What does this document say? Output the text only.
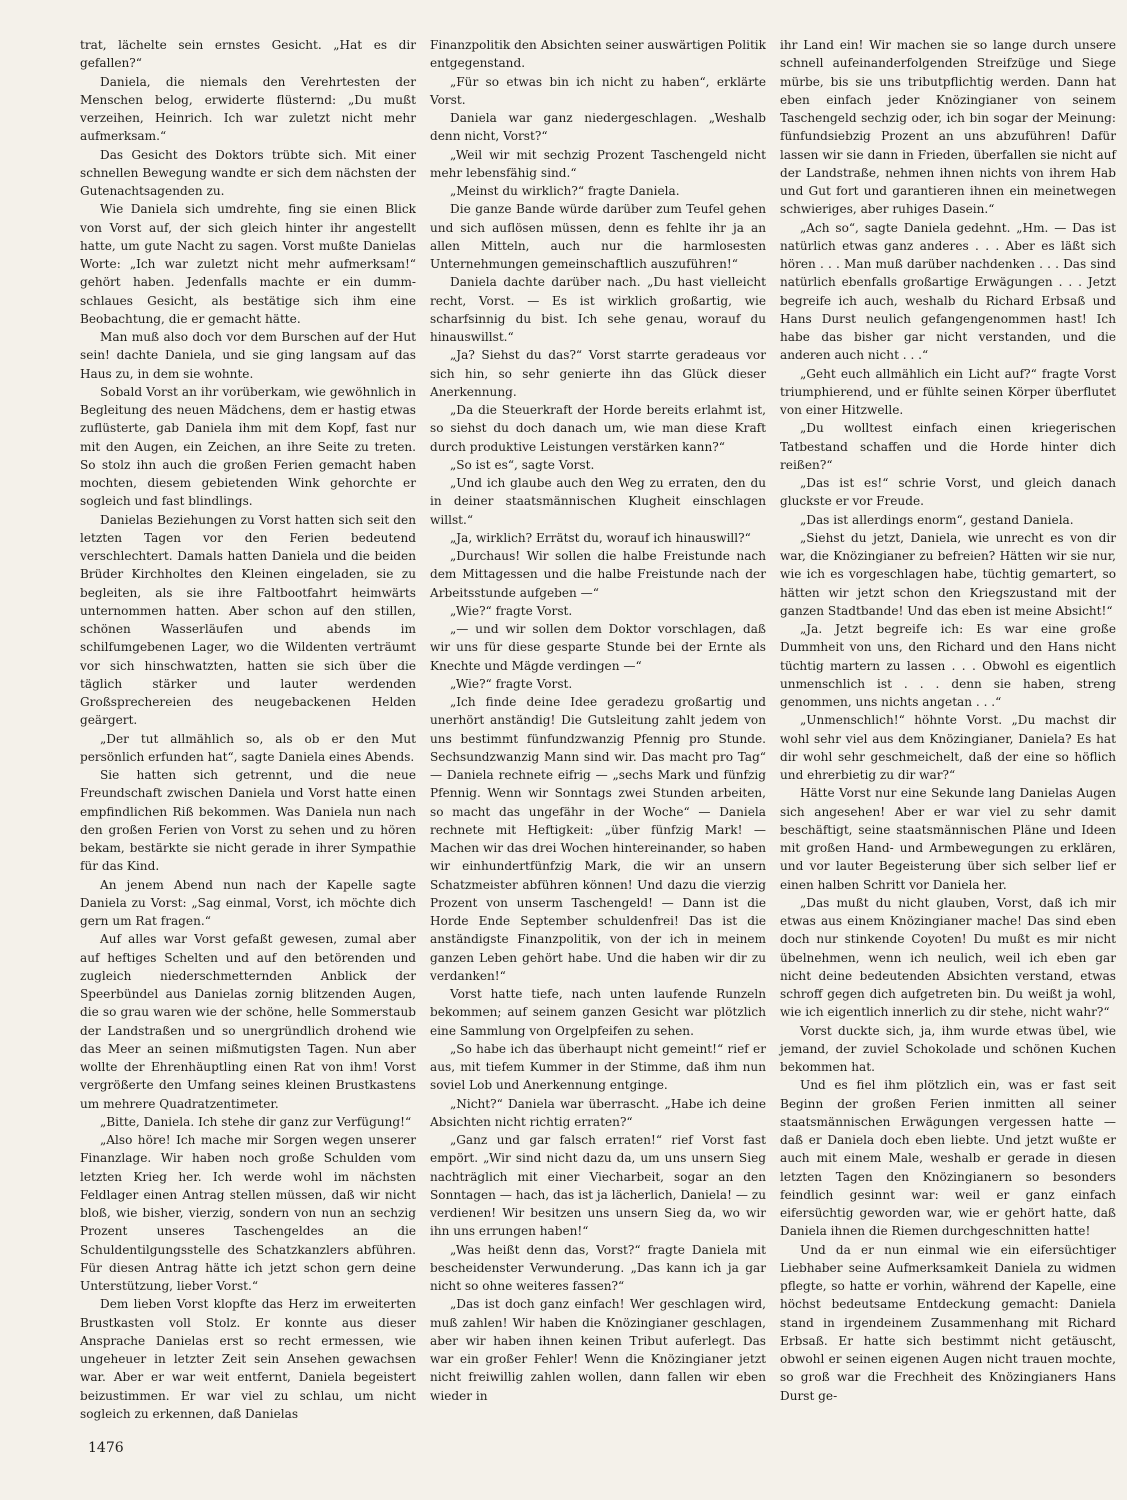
trat, lächelte sein ernstes Gesicht. „Hat es dir gefallen?“

Daniela, die niemals den Verehrtesten der Menschen belog, erwiderte flüsternd: „Du mußt verzeihen, Heinrich. Ich war zuletzt nicht mehr aufmerksam.“

Das Gesicht des Doktors trübte sich. Mit einer schnellen Bewegung wandte er sich dem nächsten der Gutenachtsagenden zu.

Wie Daniela sich umdrehte, fing sie einen Blick von Vorst auf, der sich gleich hinter ihr angestellt hatte, um gute Nacht zu sagen. Vorst mußte Danielas Worte: „Ich war zuletzt nicht mehr aufmerksam!“ gehört haben. Jedenfalls machte er ein dumm-schlaues Gesicht, als bestätige sich ihm eine Beobachtung, die er gemacht hätte.

Man muß also doch vor dem Burschen auf der Hut sein! dachte Daniela, und sie ging langsam auf das Haus zu, in dem sie wohnte.

Sobald Vorst an ihr vorüberkam, wie gewöhnlich in Begleitung des neuen Mädchens, dem er hastig etwas zuflüsterte, gab Daniela ihm mit dem Kopf, fast nur mit den Augen, ein Zeichen, an ihre Seite zu treten. So stolz ihn auch die großen Ferien gemacht haben mochten, diesem gebietenden Wink gehorchte er sogleich und fast blindlings.

Danielas Beziehungen zu Vorst hatten sich seit den letzten Tagen vor den Ferien bedeutend verschlechtert. Damals hatten Daniela und die beiden Brüder Kirchholtes den Kleinen eingeladen, sie zu begleiten, als sie ihre Faltbootfahrt heimwärts unternommen hatten. Aber schon auf den stillen, schönen Wasserläufen und abends im schilfumgebenen Lager, wo die Wildenten verträumt vor sich hinschwatzten, hatten sie sich über die täglich stärker und lauter werdenden Großsprechereien des neugebackenen Helden geärgert.

„Der tut allmählich so, als ob er den Mut persönlich erfunden hat“, sagte Daniela eines Abends.

Sie hatten sich getrennt, und die neue Freundschaft zwischen Daniela und Vorst hatte einen empfindlichen Riß bekommen. Was Daniela nun nach den großen Ferien von Vorst zu sehen und zu hören bekam, bestärkte sie nicht gerade in ihrer Sympathie für das Kind.

An jenem Abend nun nach der Kapelle sagte Daniela zu Vorst: „Sag einmal, Vorst, ich möchte dich gern um Rat fragen.“

Auf alles war Vorst gefaßt gewesen, zumal aber auf heftiges Schelten und auf den betörenden und zugleich niederschmetternden Anblick der Speerbündel aus Danielas zornig blitzenden Augen, die so grau waren wie der schöne, helle Sommerstaub der Landstraßen und so unergründlich drohend wie das Meer an seinen mißmutigsten Tagen. Nun aber wollte der Ehrenhäuptling einen Rat von ihm! Vorst vergrößerte den Umfang seines kleinen Brustkastens um mehrere Quadratzentimeter.

„Bitte, Daniela. Ich stehe dir ganz zur Verfügung!“

„Also höre! Ich mache mir Sorgen wegen unserer Finanzlage. Wir haben noch große Schulden vom letzten Krieg her. Ich werde wohl im nächsten Feldlager einen Antrag stellen müssen, daß wir nicht bloß, wie bisher, vierzig, sondern von nun an sechzig Prozent unseres Taschengeldes an die Schuldentilgungsstelle des Schatzkanzlers abführen. Für diesen Antrag hätte ich jetzt schon gern deine Unterstützung, lieber Vorst.“

Dem lieben Vorst klopfte das Herz im erweiterten Brustkasten voll Stolz. Er konnte aus dieser Ansprache Danielas erst so recht ermessen, wie ungeheuer in letzter Zeit sein Ansehen gewachsen war. Aber er war weit entfernt, Daniela begeistert beizustimmen. Er war viel zu schlau, um nicht sogleich zu erkennen, daß Danielas

Finanzpolitik den Absichten seiner auswärtigen Politik entgegenstand.

„Für so etwas bin ich nicht zu haben“, erklärte Vorst.

Daniela war ganz niedergeschlagen. „Weshalb denn nicht, Vorst?“

„Weil wir mit sechzig Prozent Taschengeld nicht mehr lebensfähig sind.“

„Meinst du wirklich?“ fragte Daniela.

Die ganze Bande würde darüber zum Teufel gehen und sich auflösen müssen, denn es fehlte ihr ja an allen Mitteln, auch nur die harmlosesten Unternehmungen gemeinschaftlich auszuführen!“

Daniela dachte darüber nach. „Du hast vielleicht recht, Vorst. — Es ist wirklich großartig, wie scharfsinnig du bist. Ich sehe genau, worauf du hinauswillst.“

„Ja? Siehst du das?“ Vorst starrte geradeaus vor sich hin, so sehr genierte ihn das Glück dieser Anerkennung.

„Da die Steuerkraft der Horde bereits erlahmt ist, so siehst du doch danach um, wie man diese Kraft durch produktive Leistungen verstärken kann?“

„So ist es“, sagte Vorst.

„Und ich glaube auch den Weg zu erraten, den du in deiner staatsmännischen Klugheit einschlagen willst.“

„Ja, wirklich? Errätst du, worauf ich hinauswill?“

„Durchaus! Wir sollen die halbe Freistunde nach dem Mittagessen und die halbe Freistunde nach der Arbeitsstunde aufgeben —“

„Wie?“ fragte Vorst.

„— und wir sollen dem Doktor vorschlagen, daß wir uns für diese gesparte Stunde bei der Ernte als Knechte und Mägde verdingen —“

„Wie?“ fragte Vorst.

„Ich finde deine Idee geradezu großartig und unerhört anständig! Die Gutsleitung zahlt jedem von uns bestimmt fünfundzwanzig Pfennig pro Stunde. Sechsundzwanzig Mann sind wir. Das macht pro Tag“ — Daniela rechnete eifrig — „sechs Mark und fünfzig Pfennig. Wenn wir Sonntags zwei Stunden arbeiten, so macht das ungefähr in der Woche“ — Daniela rechnete mit Heftigkeit: „über fünfzig Mark! — Machen wir das drei Wochen hintereinander, so haben wir einhundertfünfzig Mark, die wir an unsern Schatzmeister abführen können! Und dazu die vierzig Prozent von unserm Taschengeld! — Dann ist die Horde Ende September schuldenfrei! Das ist die anständigste Finanzpolitik, von der ich in meinem ganzen Leben gehört habe. Und die haben wir dir zu verdanken!“

Vorst hatte tiefe, nach unten laufende Runzeln bekommen; auf seinem ganzen Gesicht war plötzlich eine Sammlung von Orgelpfeifen zu sehen.

„So habe ich das überhaupt nicht gemeint!“ rief er aus, mit tiefem Kummer in der Stimme, daß ihm nun soviel Lob und Anerkennung entginge.

„Nicht?“ Daniela war überrascht. „Habe ich deine Absichten nicht richtig erraten?“

„Ganz und gar falsch erraten!“ rief Vorst fast empört. „Wir sind nicht dazu da, um uns unsern Sieg nachträglich mit einer Viecharbeit, sogar an den Sonntagen — hach, das ist ja lächerlich, Daniela! — zu verdienen! Wir besitzen uns unsern Sieg da, wo wir ihn uns errungen haben!“

„Was heißt denn das, Vorst?“ fragte Daniela mit bescheidenster Verwunderung. „Das kann ich ja gar nicht so ohne weiteres fassen?“

„Das ist doch ganz einfach! Wer geschlagen wird, muß zahlen! Wir haben die Knözingianer geschlagen, aber wir haben ihnen keinen Tribut auferlegt. Das war ein großer Fehler! Wenn die Knözingianer jetzt nicht freiwillig zahlen wollen, dann fallen wir eben wieder in

ihr Land ein! Wir machen sie so lange durch unsere schnell aufeinanderfolgenden Streifzüge und Siege mürbe, bis sie uns tributpflichtig werden. Dann hat eben einfach jeder Knözingianer von seinem Taschengeld sechzig oder, ich bin sogar der Meinung: fünfundsiebzig Prozent an uns abzuführen! Dafür lassen wir sie dann in Frieden, überfallen sie nicht auf der Landstraße, nehmen ihnen nichts von ihrem Hab und Gut fort und garantieren ihnen ein meinetwegen schwieriges, aber ruhiges Dasein.“

„Ach so“, sagte Daniela gedehnt. „Hm. — Das ist natürlich etwas ganz anderes . . . Aber es läßt sich hören . . . Man muß darüber nachdenken . . . Das sind natürlich ebenfalls großartige Erwägungen . . . Jetzt begreife ich auch, weshalb du Richard Erbsaß und Hans Durst neulich gefangengenommen hast! Ich habe das bisher gar nicht verstanden, und die anderen auch nicht . . .“

„Geht euch allmählich ein Licht auf?“ fragte Vorst triumphierend, und er fühlte seinen Körper überflutet von einer Hitzwelle.

„Du wolltest einfach einen kriegerischen Tatbestand schaffen und die Horde hinter dich reißen?“

„Das ist es!“ schrie Vorst, und gleich danach gluckste er vor Freude.

„Das ist allerdings enorm“, gestand Daniela.

„Siehst du jetzt, Daniela, wie unrecht es von dir war, die Knözingianer zu befreien? Hätten wir sie nur, wie ich es vorgeschlagen habe, tüchtig gemartert, so hätten wir jetzt schon den Kriegszustand mit der ganzen Stadtbande! Und das eben ist meine Absicht!“

„Ja. Jetzt begreife ich: Es war eine große Dummheit von uns, den Richard und den Hans nicht tüchtig martern zu lassen . . . Obwohl es eigentlich unmenschlich ist . . . denn sie haben, streng genommen, uns nichts angetan . . .“

„Unmenschlich!“ höhnte Vorst. „Du machst dir wohl sehr viel aus dem Knözingianer, Daniela? Es hat dir wohl sehr geschmeichelt, daß der eine so höflich und ehrerbietig zu dir war?“

Hätte Vorst nur eine Sekunde lang Danielas Augen sich angesehen! Aber er war viel zu sehr damit beschäftigt, seine staatsmännischen Pläne und Ideen mit großen Hand- und Armbewegungen zu erklären, und vor lauter Begeisterung über sich selber lief er einen halben Schritt vor Daniela her.

„Das mußt du nicht glauben, Vorst, daß ich mir etwas aus einem Knözingianer mache! Das sind eben doch nur stinkende Coyoten! Du mußt es mir nicht übelnehmen, wenn ich neulich, weil ich eben gar nicht deine bedeutenden Absichten verstand, etwas schroff gegen dich aufgetreten bin. Du weißt ja wohl, wie ich eigentlich innerlich zu dir stehe, nicht wahr?“

Vorst duckte sich, ja, ihm wurde etwas übel, wie jemand, der zuviel Schokolade und schönen Kuchen bekommen hat.

Und es fiel ihm plötzlich ein, was er fast seit Beginn der großen Ferien inmitten all seiner staatsmännischen Erwägungen vergessen hatte — daß er Daniela doch eben liebte. Und jetzt wußte er auch mit einem Male, weshalb er gerade in diesen letzten Tagen den Knözingianern so besonders feindlich gesinnt war: weil er ganz einfach eifersüchtig geworden war, wie er gehört hatte, daß Daniela ihnen die Riemen durchgeschnitten hatte!

Und da er nun einmal wie ein eifersüchtiger Liebhaber seine Aufmerksamkeit Daniela zu widmen pflegte, so hatte er vorhin, während der Kapelle, eine höchst bedeutsame Entdeckung gemacht: Daniela stand in irgendeinem Zusammenhang mit Richard Erbsaß. Er hatte sich bestimmt nicht getäuscht, obwohl er seinen eigenen Augen nicht trauen mochte, so groß war die Frechheit des Knözingianers Hans Durst ge-

1476
